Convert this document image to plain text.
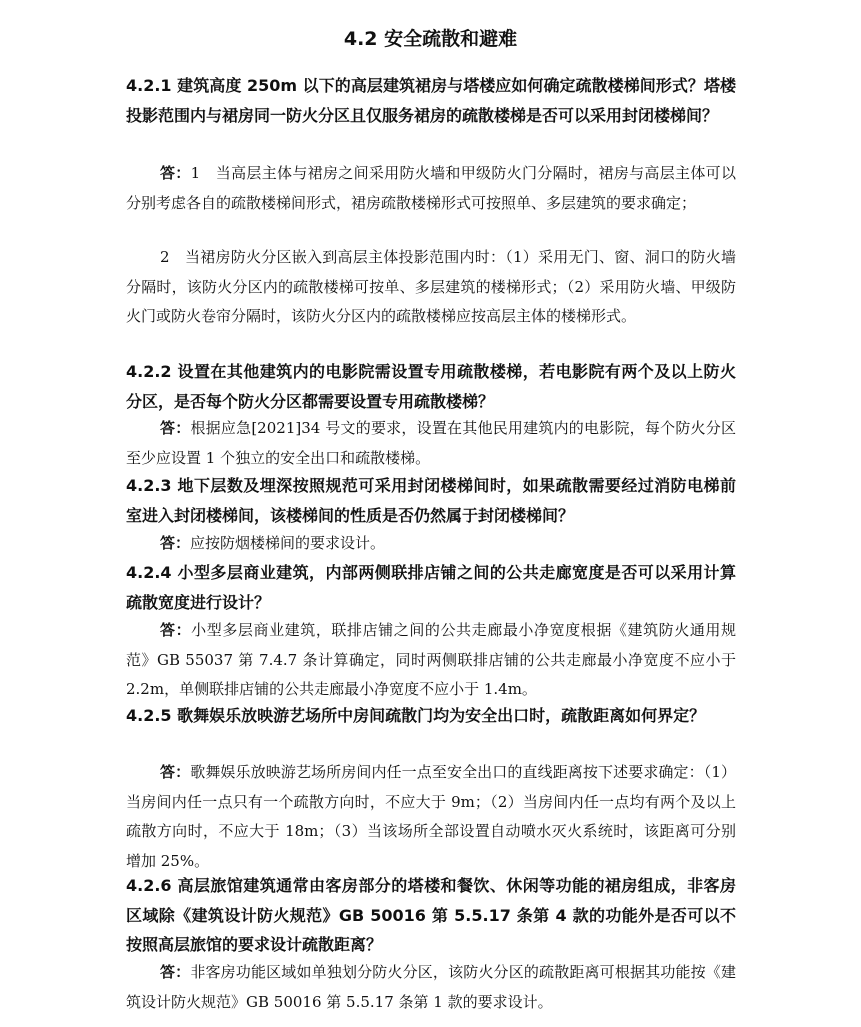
4.2 安全疏散和避难
4.2.1 建筑高度 250m 以下的高层建筑裙房与塔楼应如何确定疏散楼梯间形式？塔楼投影范围内与裙房同一防火分区且仅服务裙房的疏散楼梯是否可以采用封闭楼梯间？
答：1　当高层主体与裙房之间采用防火墙和甲级防火门分隔时，裙房与高层主体可以分别考虑各自的疏散楼梯间形式，裙房疏散楼梯形式可按照单、多层建筑的要求确定；
2　当裙房防火分区嵌入到高层主体投影范围内时：（1）采用无门、窗、洞口的防火墙分隔时，该防火分区内的疏散楼梯可按单、多层建筑的楼梯形式；（2）采用防火墙、甲级防火门或防火卷帘分隔时，该防火分区内的疏散楼梯应按高层主体的楼梯形式。
4.2.2 设置在其他建筑内的电影院需设置专用疏散楼梯，若电影院有两个及以上防火分区，是否每个防火分区都需要设置专用疏散楼梯？
答：根据应急[2021]34 号文的要求，设置在其他民用建筑内的电影院，每个防火分区至少应设置 1 个独立的安全出口和疏散楼梯。
4.2.3 地下层数及埋深按照规范可采用封闭楼梯间时，如果疏散需要经过消防电梯前室进入封闭楼梯间，该楼梯间的性质是否仍然属于封闭楼梯间？
答：应按防烟楼梯间的要求设计。
4.2.4 小型多层商业建筑，内部两侧联排店铺之间的公共走廊宽度是否可以采用计算疏散宽度进行设计？
答：小型多层商业建筑，联排店铺之间的公共走廊最小净宽度根据《建筑防火通用规范》GB 55037 第 7.4.7 条计算确定，同时两侧联排店铺的公共走廊最小净宽度不应小于 2.2m，单侧联排店铺的公共走廊最小净宽度不应小于 1.4m。
4.2.5 歌舞娱乐放映游艺场所中房间疏散门均为安全出口时，疏散距离如何界定？
答：歌舞娱乐放映游艺场所房间内任一点至安全出口的直线距离按下述要求确定：（1）当房间内任一点只有一个疏散方向时，不应大于 9m；（2）当房间内任一点均有两个及以上疏散方向时，不应大于 18m；（3）当该场所全部设置自动喷水灭火系统时，该距离可分别增加 25%。
4.2.6 高层旅馆建筑通常由客房部分的塔楼和餐饮、休闲等功能的裙房组成，非客房区域除《建筑设计防火规范》GB 50016 第 5.5.17 条第 4 款的功能外是否可以不按照高层旅馆的要求设计疏散距离？
答：非客房功能区域如单独划分防火分区，该防火分区的疏散距离可根据其功能按《建筑设计防火规范》GB 50016 第 5.5.17 条第 1 款的要求设计。
